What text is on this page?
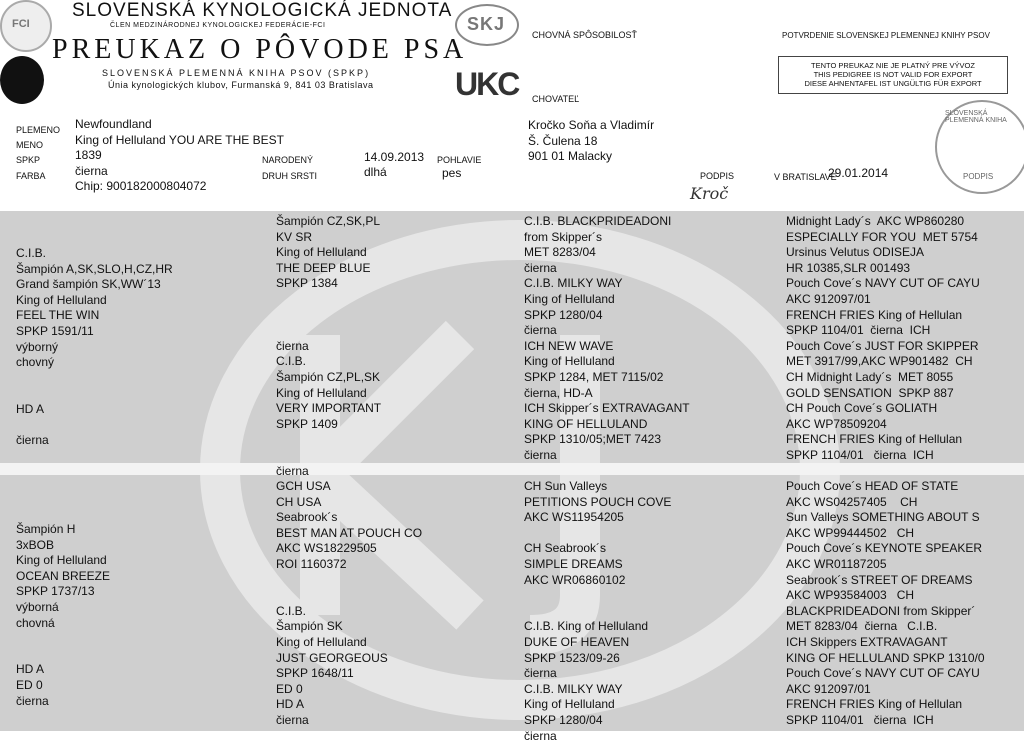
FCI
SLOVENSKÁ KYNOLOGICKÁ JEDNOTA
ČLEN MEDZINÁRODNEJ KYNOLOGICKEJ FEDERÁCIE-FCI
PREUKAZ O PÔVODE PSA
SLOVENSKÁ PLEMENNÁ KNIHA PSOV (SPKP)
Únia kynologických klubov, Furmanská 9, 841 03 Bratislava
SKJ
UKC
CHOVNÁ SPÔSOBILOSŤ	POTVRDENIE SLOVENSKEJ PLEMENNEJ KNIHY PSOV
TENTO PREUKAZ NIE JE PLATNÝ PRE VÝVOZ
THIS PEDIGREE IS NOT VALID FOR EXPORT
DIESE AHNENTAFEL IST UNGÜLTIG FÜR EXPORT
CHOVATEĽ
PLEMENO
MENO
SPKP
FARBA
Newfoundland
King of Helluland YOU ARE THE BEST
1839
čierna
Chip: 900182000804072
NARODENÝ
DRUH SRSTI
14.09.2013
dlhá
POHLAVIE
pes
Kročko Soňa a Vladimír
Š. Čulena 18
901 01 Malacky
PODPIS
Kroč
V BRATISLAVE
29.01.2014
SLOVENSKÁ PLEMENNÁ KNIHA
PODPIS
C.I.B.
Šampión A,SK,SLO,H,CZ,HR
Grand šampión SK,WW´13
King of Helluland
FEEL THE WIN
SPKP 1591/11
výborný
chovný

HD A

čierna
Šampión H
3xBOB
King of Helluland
OCEAN BREEZE
SPKP 1737/13
výborná
chovná

HD A
ED 0
čierna
Šampión CZ,SK,PL
KV SR
King of Helluland
THE DEEP BLUE
SPKP 1384

čierna
C.I.B.
Šampión CZ,PL,SK
King of Helluland
VERY IMPORTANT
SPKP 1409

čierna
GCH USA
CH USA
Seabrook´s
BEST MAN AT POUCH CO
AKC WS18229505
ROI 1160372

C.I.B.
Šampión SK
King of Helluland
JUST GEORGEOUS
SPKP 1648/11
ED 0
HD A
čierna
C.I.B. BLACKPRIDEADONI
from Skipper´s
MET 8283/04
čierna
C.I.B. MILKY WAY
King of Helluland
SPKP 1280/04
čierna
ICH NEW WAVE
King of Helluland
SPKP 1284, MET 7115/02
čierna, HD-A
ICH Skipper´s EXTRAVAGANT
KING OF HELLULAND
SPKP 1310/05;MET 7423
čierna
CH Sun Valleys
PETITIONS POUCH COVE
AKC WS11954205

CH Seabrook´s
SIMPLE DREAMS
AKC WR06860102

C.I.B. King of Helluland
DUKE OF HEAVEN
SPKP 1523/09-26
čierna
C.I.B. MILKY WAY
King of Helluland
SPKP 1280/04
čierna
Midnight Lady´s  AKC WP860280
ESPECIALLY FOR YOU  MET 5754
Ursinus Velutus ODISEJA
HR 10385,SLR 001493
Pouch Cove´s NAVY CUT OF CAYU
AKC 912097/01
FRENCH FRIES King of Hellulan
SPKP 1104/01  čierna  ICH
Pouch Cove´s JUST FOR SKIPPER
MET 3917/99,AKC WP901482  CH
CH Midnight Lady´s  MET 8055
GOLD SENSATION  SPKP 887
CH Pouch Cove´s GOLIATH
AKC WP78509204
FRENCH FRIES King of Hellulan
SPKP 1104/01   čierna  ICH
Pouch Cove´s HEAD OF STATE
AKC WS04257405    CH
Sun Valleys SOMETHING ABOUT S
AKC WP99444502   CH
Pouch Cove´s KEYNOTE SPEAKER
AKC WR01187205
Seabrook´s STREET OF DREAMS
AKC WP93584003   CH
BLACKPRIDEADONI from Skipper´
MET 8283/04  čierna   C.I.B.
ICH Skippers EXTRAVAGANT
KING OF HELLULAND SPKP 1310/0
Pouch Cove´s NAVY CUT OF CAYU
AKC 912097/01
FRENCH FRIES King of Hellulan
SPKP 1104/01   čierna  ICH
